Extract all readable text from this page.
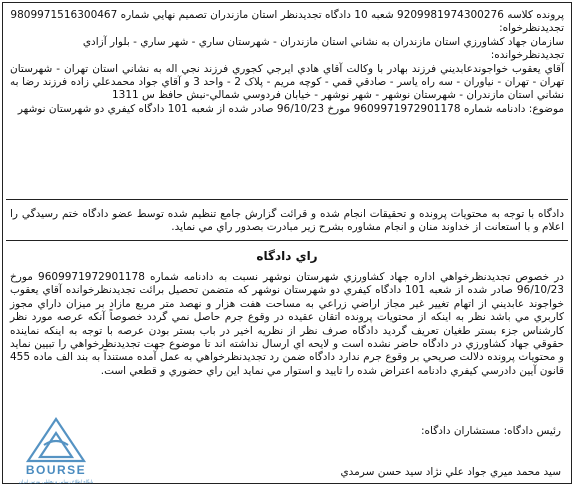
پرونده كلاسه 9209981974300276 شعبه 10 دادگاه تجديدنظر استان مازندران تصميم نهايي شماره 9809971516300467

تجديدنظرخواه:

سازمان جهاد كشاورزي استان مازندران به نشاني استان مازندران - شهرستان ساري - شهر ساري - بلوار آزادي

تجديدنظرخوانده:

آقاي يعقوب خواجوندعابديني فرزند بهادر با وكالت آقاي هادي ايرجي كجوري فرزند نجي اله به نشاني استان تهران - شهرستان تهران - تهران - نياوران - سه راه ياسر - صادقي قمي - كوچه مريم - پلاک 2 - واحد 3 و آقاي جواد محمدعلي زاده فرزند رضا به نشاني استان مازندران - شهرستان نوشهر - شهر نوشهر - خيابان فردوسي شمالي-نبش حافظ س 1311

موضوع: دادنامه شماره 9609971972901178 مورخ 96/10/23 صادر شده از شعبه 101 دادگاه كيفري دو شهرستان نوشهر

دادگاه با توجه به محتويات پرونده و تحقيقات انجام شده و قرائت گزارش جامع تنظيم شده توسط عضو دادگاه ختم رسيدگي را اعلام و با استعانت از خداوند منان و انجام مشاوره بشرح زير مبادرت بصدور راي مي نمايد.

راي دادگاه

در خصوص تجديدنظرخواهي اداره جهاد كشاورزي شهرستان نوشهر نسبت به دادنامه شماره 9609971972901178 مورخ 96/10/23 صادر شده از شعبه 101 دادگاه كيفري دو شهرستان نوشهر كه متضمن تحصيل برائت تجديدنظرخوانده آقاي يعقوب خواجوند عابديني از اتهام تغيير غير مجاز اراضي زراعي به مساحت هفت هزار و نهصد متر مربع مازاد بر ميزان داراي مجوز كاربري مي باشد نظر به اينكه از محتويات پرونده اتقان عقيده در وقوع جرم حاصل نمي گردد خصوصاً آنكه عرصه مورد نظر كارشناس جزء بستر طغيان تعريف گرديد دادگاه صرف نظر از نظريه اخير در باب بستر بودن عرصه با توجه به اينكه نماينده حقوقي جهاد كشاورزي در دادگاه حاضر نشده است و لايحه اي ارسال نداشته اند تا موضوع جهت تجديدنظرخواهي را تبيين نمايد و محتويات پرونده دلالت صريحي بر وقوع جرم ندارد دادگاه ضمن رد تجديدنظرخواهي به عمل آمده مستنداً به بند الف ماده 455 قانون آيين دادرسي كيفري دادنامه اعتراض شده را تاييد و استوار مي نمايد اين راي حضوري و قطعي است.

رئيس دادگاه: مستشاران دادگاه:
سيد محمد ميري جواد علي نژاد سيد حسن سرمدي
BOURSE
پایگاه اطلاع رسانی و تحلیلی بورس ایران
